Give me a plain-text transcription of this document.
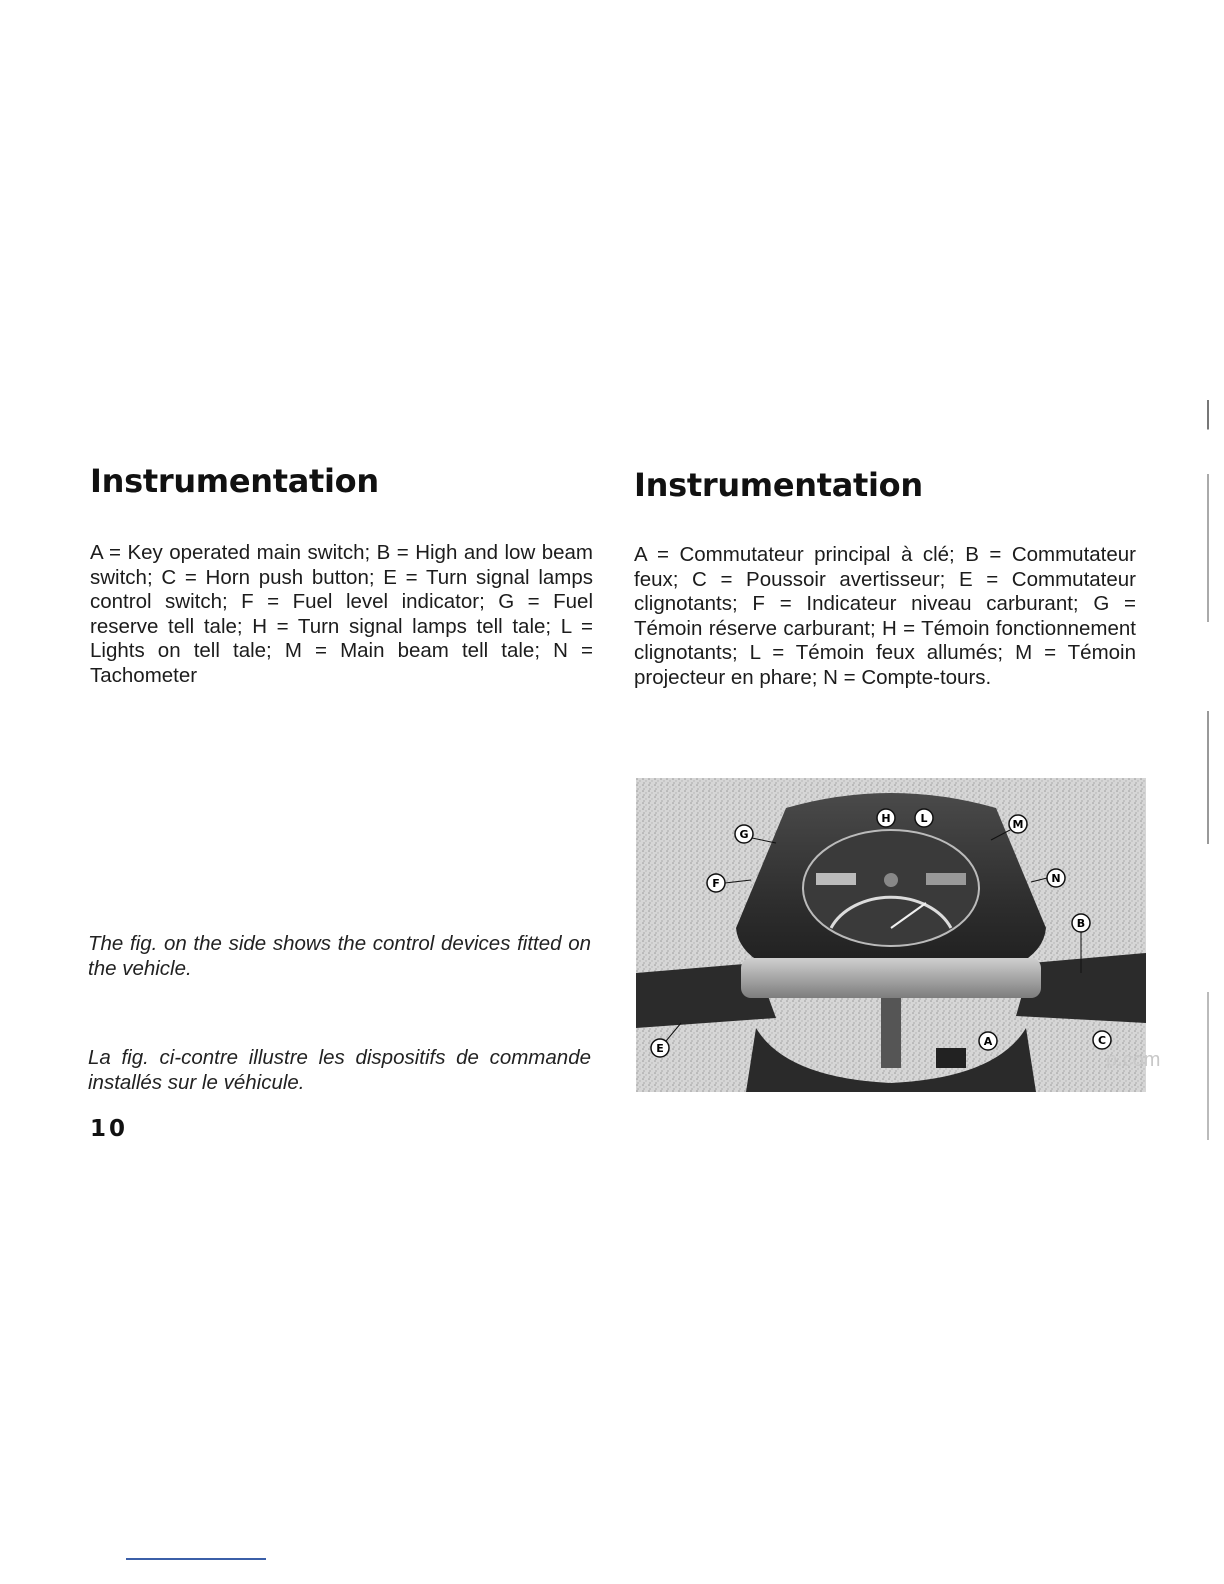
Instrumentation

A = Key operated main switch; B = High and low beam switch; C = Horn push button; E = Turn signal lamps control switch; F = Fuel level indicator; G = Fuel reserve tell tale; H = Turn signal lamps tell tale; L = Lights on tell tale; M = Main beam tell tale; N = Tachometer

The fig. on the side shows the control devices fitted on the vehicle.

La fig. ci-contre illustre les dispositifs de commande installés sur le véhicule.

10
Instrumentation

A = Commutateur principal à clé; B = Commutateur feux; C = Poussoir avertisseur; E = Commutateur clignotants; F = Indicateur niveau carburant; G = Témoin réserve carburant; H = Témoin fonctionnement clignotants; L = Témoin feux allumés; M = Témoin projecteur en phare; N = Compte-tours.

H	L
G
M
F	N
B
E
A	C
p.com
